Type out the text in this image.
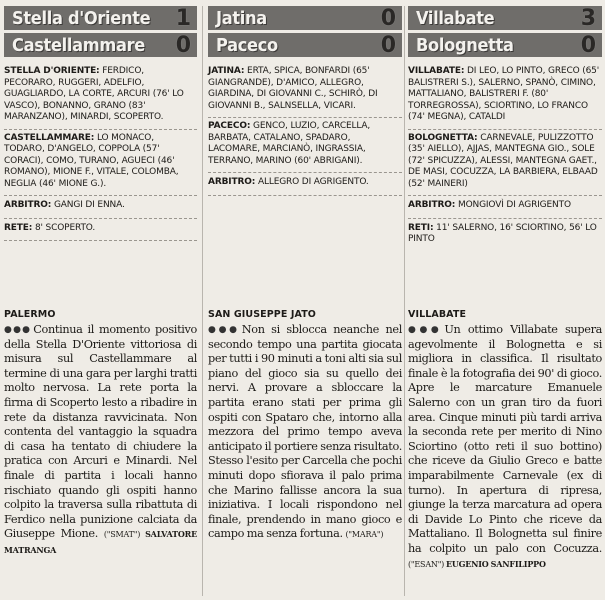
Stella d'Oriente 1
Castellammare 0
STELLA D'ORIENTE: FERDICO, PECORARO, RUGGERI, ADELFIO, GUAGLIARDO, LA CORTE, ARCURI (76' LO VASCO), BONANNO, GRANO (83' MARANZANO), MINARDI, SCOPERTO.
CASTELLAMMARE: LO MONACO, TODARO, D'ANGELO, COPPOLA (57' CORACI), COMO, TURANO, AGUECI (46' ROMANO), MIONE F., VITALE, COLOMBA, NEGLIA (46' MIONE G.).
ARBITRO: GANGI DI ENNA.
RETE: 8' SCOPERTO.
Jatina	0
Paceco	0
JATINA: ERTA, SPICA, BONFARDI (65' GIANGRANDE), D'AMICO, ALLEGRO, GIARDINA, DI GIOVANNI C., SCHIRÒ, DI GIOVANNI B., SALNSELLA, VICARI.
PACECO: GENCO, LUZIO, CARCELLA, BARBATA, CATALANO, SPADARO, LACOMARE, MARCIANÒ, INGRASSIA, TERRANO, MARINO (60' ABRIGANI).
ARBITRO: ALLEGRO DI AGRIGENTO.
Villabate	3
Bolognetta	0
VILLABATE: DI LEO, LO PINTO, GRECO (65' BALISTRERI S.), SALERNO, SPANÒ, CIMINO, MATTALIANO, BALISTRERI F. (80' TORREGROSSA), SCIORTINO, LO FRANCO (74' MEGNA), CATALDI
BOLOGNETTA: CARNEVALE, PULIZZOTTO (35' AIELLO), AJJAS, MANTEGNA GIO., SOLE (72' SPICUZZA), ALESSI, MANTEGNA GAET., DE MASI, COCUZZA, LA BARBIERA, ELBAAD (52' MAINERI)
ARBITRO: MONGIOVÌ DI AGRIGENTO
RETI: 11' SALERNO, 16' SCIORTINO, 56' LO PINTO
PALERMO
●●● Continua il momento positivo della Stella D'Oriente vittoriosa di misura sul Castellammare al termine di una gara per larghi tratti molto nervosa. La rete porta la firma di Scoperto lesto a ribadire in rete da distanza ravvicinata. Non contenta del vantaggio la squadra di casa ha tentato di chiudere la pratica con Arcuri e Minardi. Nel finale di partita i locali hanno rischiato quando gli ospiti hanno colpito la traversa sulla ribattuta di Ferdico nella punizione calciata da Giuseppe Mione. ("SMAT") SALVATORE MATRANGA
SAN GIUSEPPE JATO
●●● Non si sblocca neanche nel secondo tempo una partita giocata per tutti i 90 minuti a toni alti sia sul piano del gioco sia su quello dei nervi. A provare a sbloccare la partita erano stati per prima gli ospiti con Spataro che, intorno alla mezzora del primo tempo aveva anticipato il portiere senza risultato. Stesso l'esito per Carcella che pochi minuti dopo sfiorava il palo prima che Marino fallisse ancora la sua iniziativa. I locali rispondono nel finale, prendendo in mano gioco e campo ma senza fortuna. ("MARA")
VILLABATE
●●● Un ottimo Villabate supera agevolmente il Bolognetta e si migliora in classifica. Il risultato finale è la fotografia dei 90' di gioco. Apre le marcature Emanuele Salerno con un gran tiro da fuori area. Cinque minuti più tardi arriva la seconda rete per merito di Nino Sciortino (otto reti il suo bottino) che riceve da Giulio Greco e batte imparabilmente Carnevale (ex di turno). In apertura di ripresa, giunge la terza marcatura ad opera di Davide Lo Pinto che riceve da Mattaliano. Il Bolognetta sul finire ha colpito un palo con Cocuzza. ("ESAN") EUGENIO SANFILIPPO
